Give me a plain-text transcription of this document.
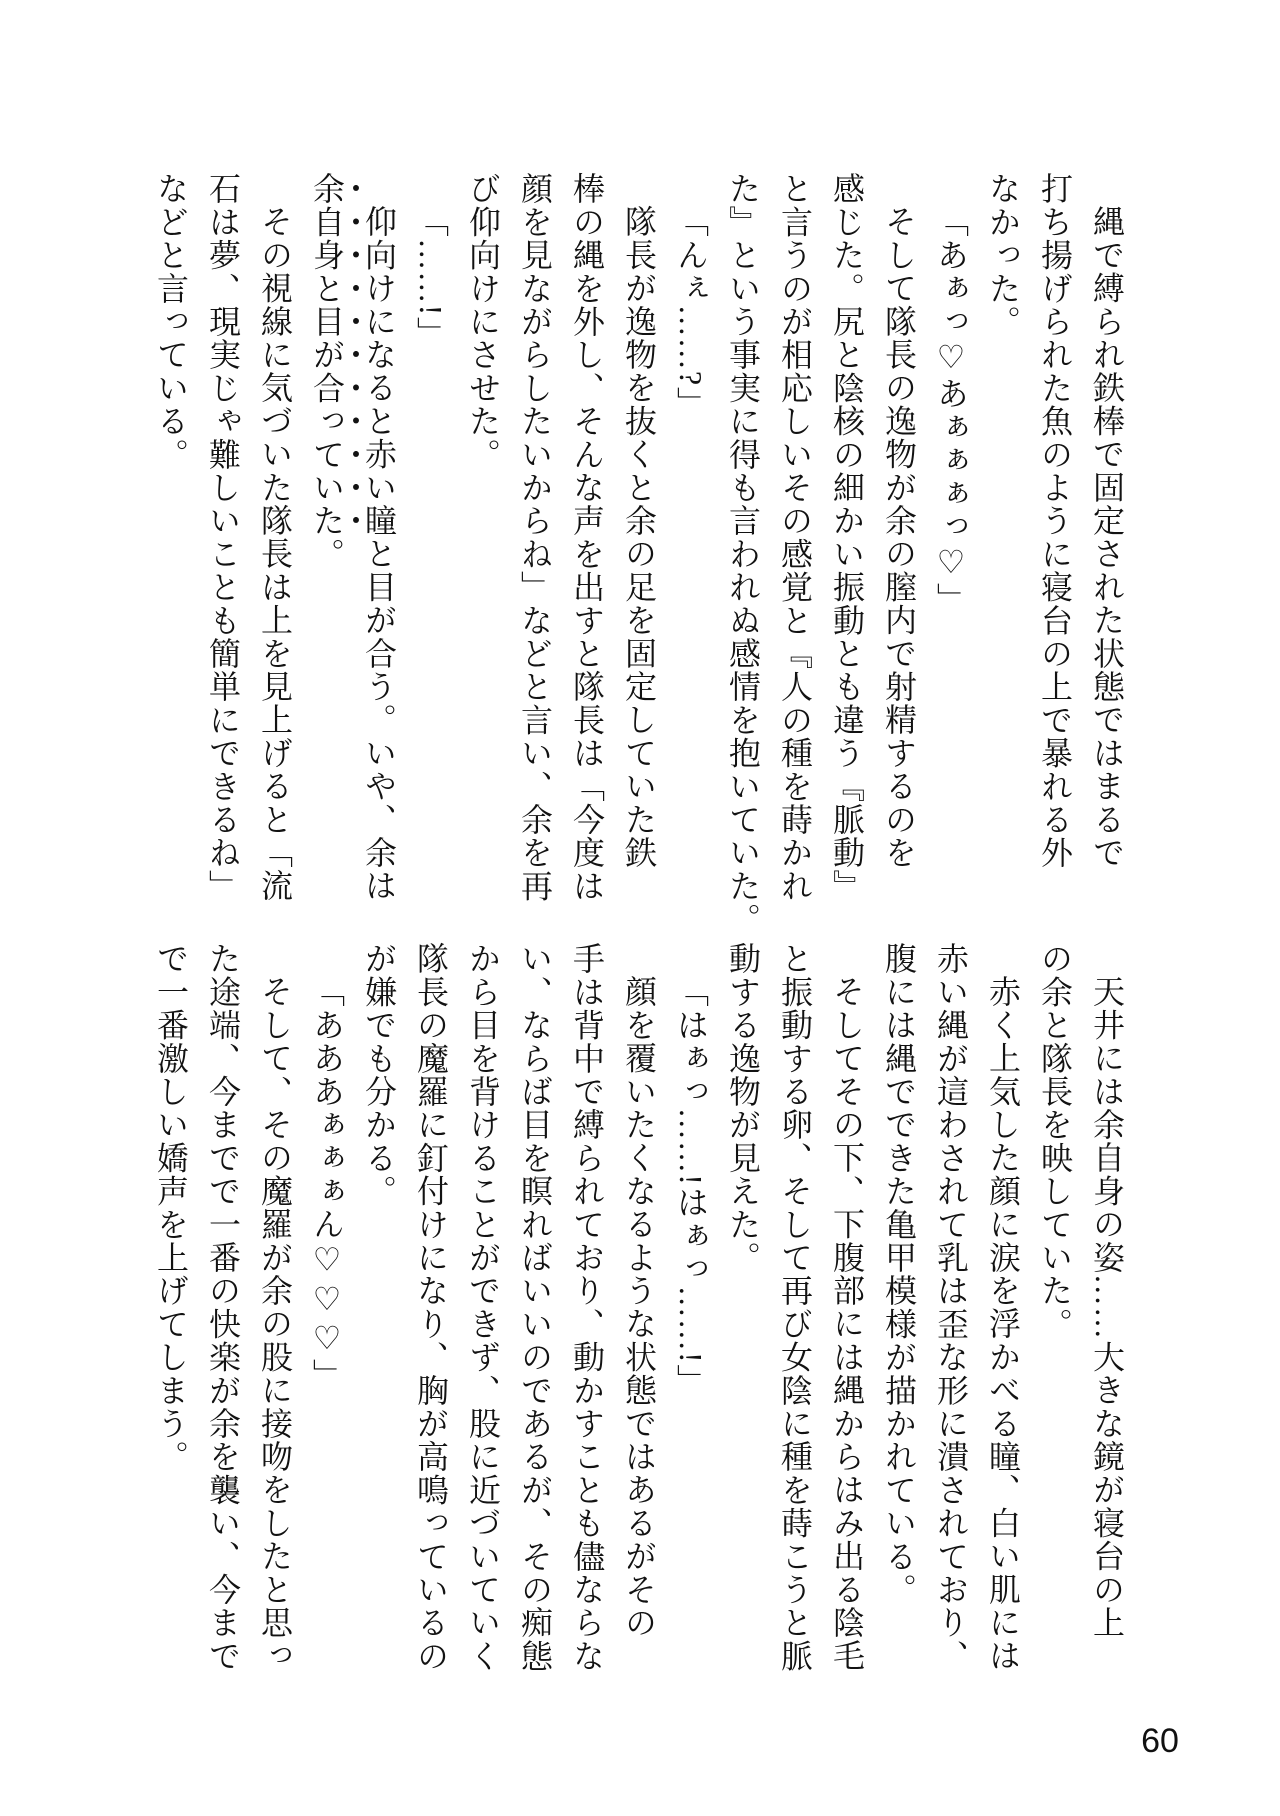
縄で縛られ鉄棒で固定された状態ではまるで
打ち揚げられた魚のように寝台の上で暴れる外
なかった。
「あぁっ♡あぁぁぁっ♡」
そして隊長の逸物が余の膣内で射精するのを
感じた。尻と陰核の細かい振動とも違う『脈動』
と言うのが相応しいその感覚と『人の種を蒔かれ
た』という事実に得も言われぬ感情を抱いていた。
「んぇ……?」
隊長が逸物を抜くと余の足を固定していた鉄
棒の縄を外し、そんな声を出すと隊長は「今度は
顔を見ながらしたいからね」などと言い、余を再
び仰向けにさせた。
「……!」
仰向けになると赤い瞳と目が合う。いや、余は
余自身と目が合っていた。
・・・・・・・・・・・
その視線に気づいた隊長は上を見上げると「流
石は夢、現実じゃ難しいことも簡単にできるね」
などと言っている。
天井には余自身の姿……大きな鏡が寝台の上
の余と隊長を映していた。
赤く上気した顔に涙を浮かべる瞳、白い肌には
赤い縄が這わされて乳は歪な形に潰されており、
腹には縄でできた亀甲模様が描かれている。
そしてその下、下腹部には縄からはみ出る陰毛
と振動する卵、そして再び女陰に種を蒔こうと脈
動する逸物が見えた。
「はぁっ……!はぁっ……!」
顔を覆いたくなるような状態ではあるがその
手は背中で縛られており、動かすことも儘ならな
い、ならば目を瞑ればいいのであるが、その痴態
から目を背けることができず、股に近づいていく
隊長の魔羅に釘付けになり、胸が高鳴っているの
が嫌でも分かる。
「あああぁぁぁん♡♡♡」
そして、その魔羅が余の股に接吻をしたと思っ
た途端、今までで一番の快楽が余を襲い、今まで
で一番激しい嬌声を上げてしまう。
60
